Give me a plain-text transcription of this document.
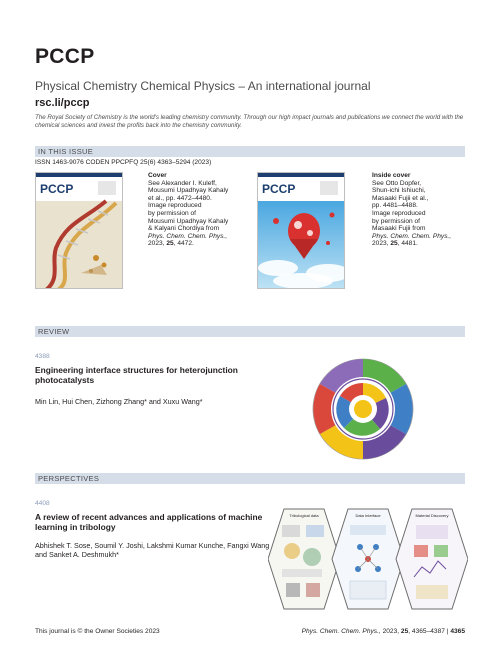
PCCP
Physical Chemistry Chemical Physics – An international journal
rsc.li/pccp
The Royal Society of Chemistry is the world's leading chemistry community. Through our high impact journals and publications we connect the world with the chemical sciences and invest the profits back into the chemistry community.
IN THIS ISSUE
ISSN 1463-9076 CODEN PPCPFQ 25(6) 4363–5294 (2023)
PCCP
Cover
See Alexander I. Kuleff,
Mousumi Upadhyay Kahaly
et al., pp. 4472–4480.
Image reproduced
by permission of
Mousumi Upadhyay Kahaly
& Kalyani Chordiya from
Phys. Chem. Chem. Phys.,
2023, 25, 4472.
PCCP
Inside cover
See Otto Dopfer,
Shun-ichi Ishiuchi,
Masaaki Fujii et al.,
pp. 4481–4488.
Image reproduced
by permission of
Masaaki Fujii from
Phys. Chem. Chem. Phys.,
2023, 25, 4481.
REVIEW
4388
Engineering interface structures for heterojunction photocatalysts
Min Lin, Hui Chen, Zizhong Zhang* and Xuxu Wang*
PERSPECTIVES
4408
A review of recent advances and applications of machine learning in tribology
Abhishek T. Sose, Soumil Y. Joshi, Lakshmi Kumar Kunche, Fangxi Wang and Sanket A. Deshmukh*
Tribological data	Data Interface	Material Discovery
This journal is © the Owner Societies 2023	Phys. Chem. Chem. Phys., 2023, 25, 4365–4387 | 4365
